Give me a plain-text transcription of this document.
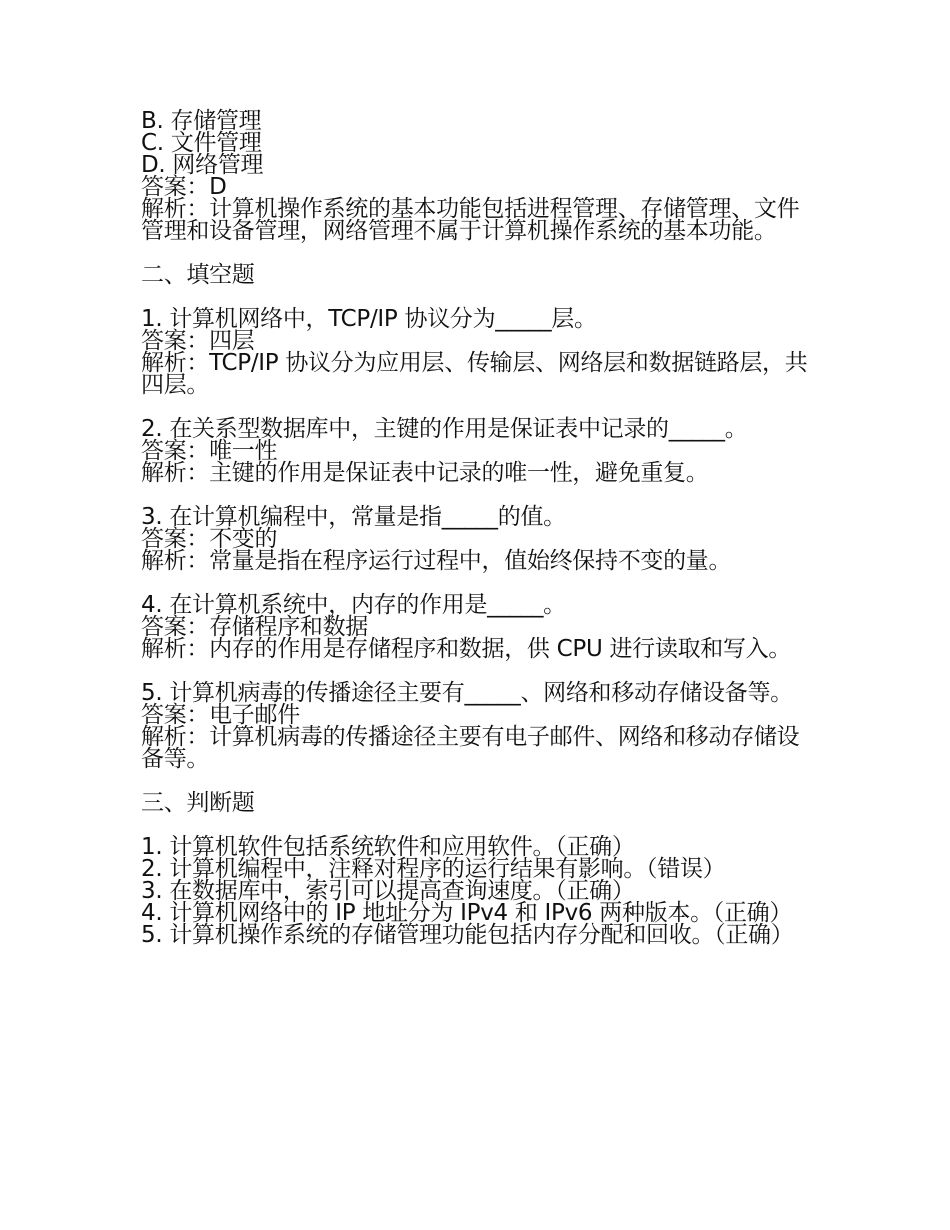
B. 存储管理
C. 文件管理
D. 网络管理
答案：D
解析：计算机操作系统的基本功能包括进程管理、存储管理、文件管理和设备管理，网络管理不属于计算机操作系统的基本功能。
二、填空题
1. 计算机网络中，TCP/IP 协议分为_____层。
答案：四层
解析：TCP/IP 协议分为应用层、传输层、网络层和数据链路层，共四层。
2. 在关系型数据库中，主键的作用是保证表中记录的_____。
答案：唯一性
解析：主键的作用是保证表中记录的唯一性，避免重复。
3. 在计算机编程中，常量是指_____的值。
答案：不变的
解析：常量是指在程序运行过程中，值始终保持不变的量。
4. 在计算机系统中，内存的作用是_____。
答案：存储程序和数据
解析：内存的作用是存储程序和数据，供 CPU 进行读取和写入。
5. 计算机病毒的传播途径主要有_____、网络和移动存储设备等。
答案：电子邮件
解析：计算机病毒的传播途径主要有电子邮件、网络和移动存储设备等。
三、判断题
1. 计算机软件包括系统软件和应用软件。（正确）
2. 计算机编程中，注释对程序的运行结果有影响。（错误）
3. 在数据库中，索引可以提高查询速度。（正确）
4. 计算机网络中的 IP 地址分为 IPv4 和 IPv6 两种版本。（正确）
5. 计算机操作系统的存储管理功能包括内存分配和回收。（正确）
